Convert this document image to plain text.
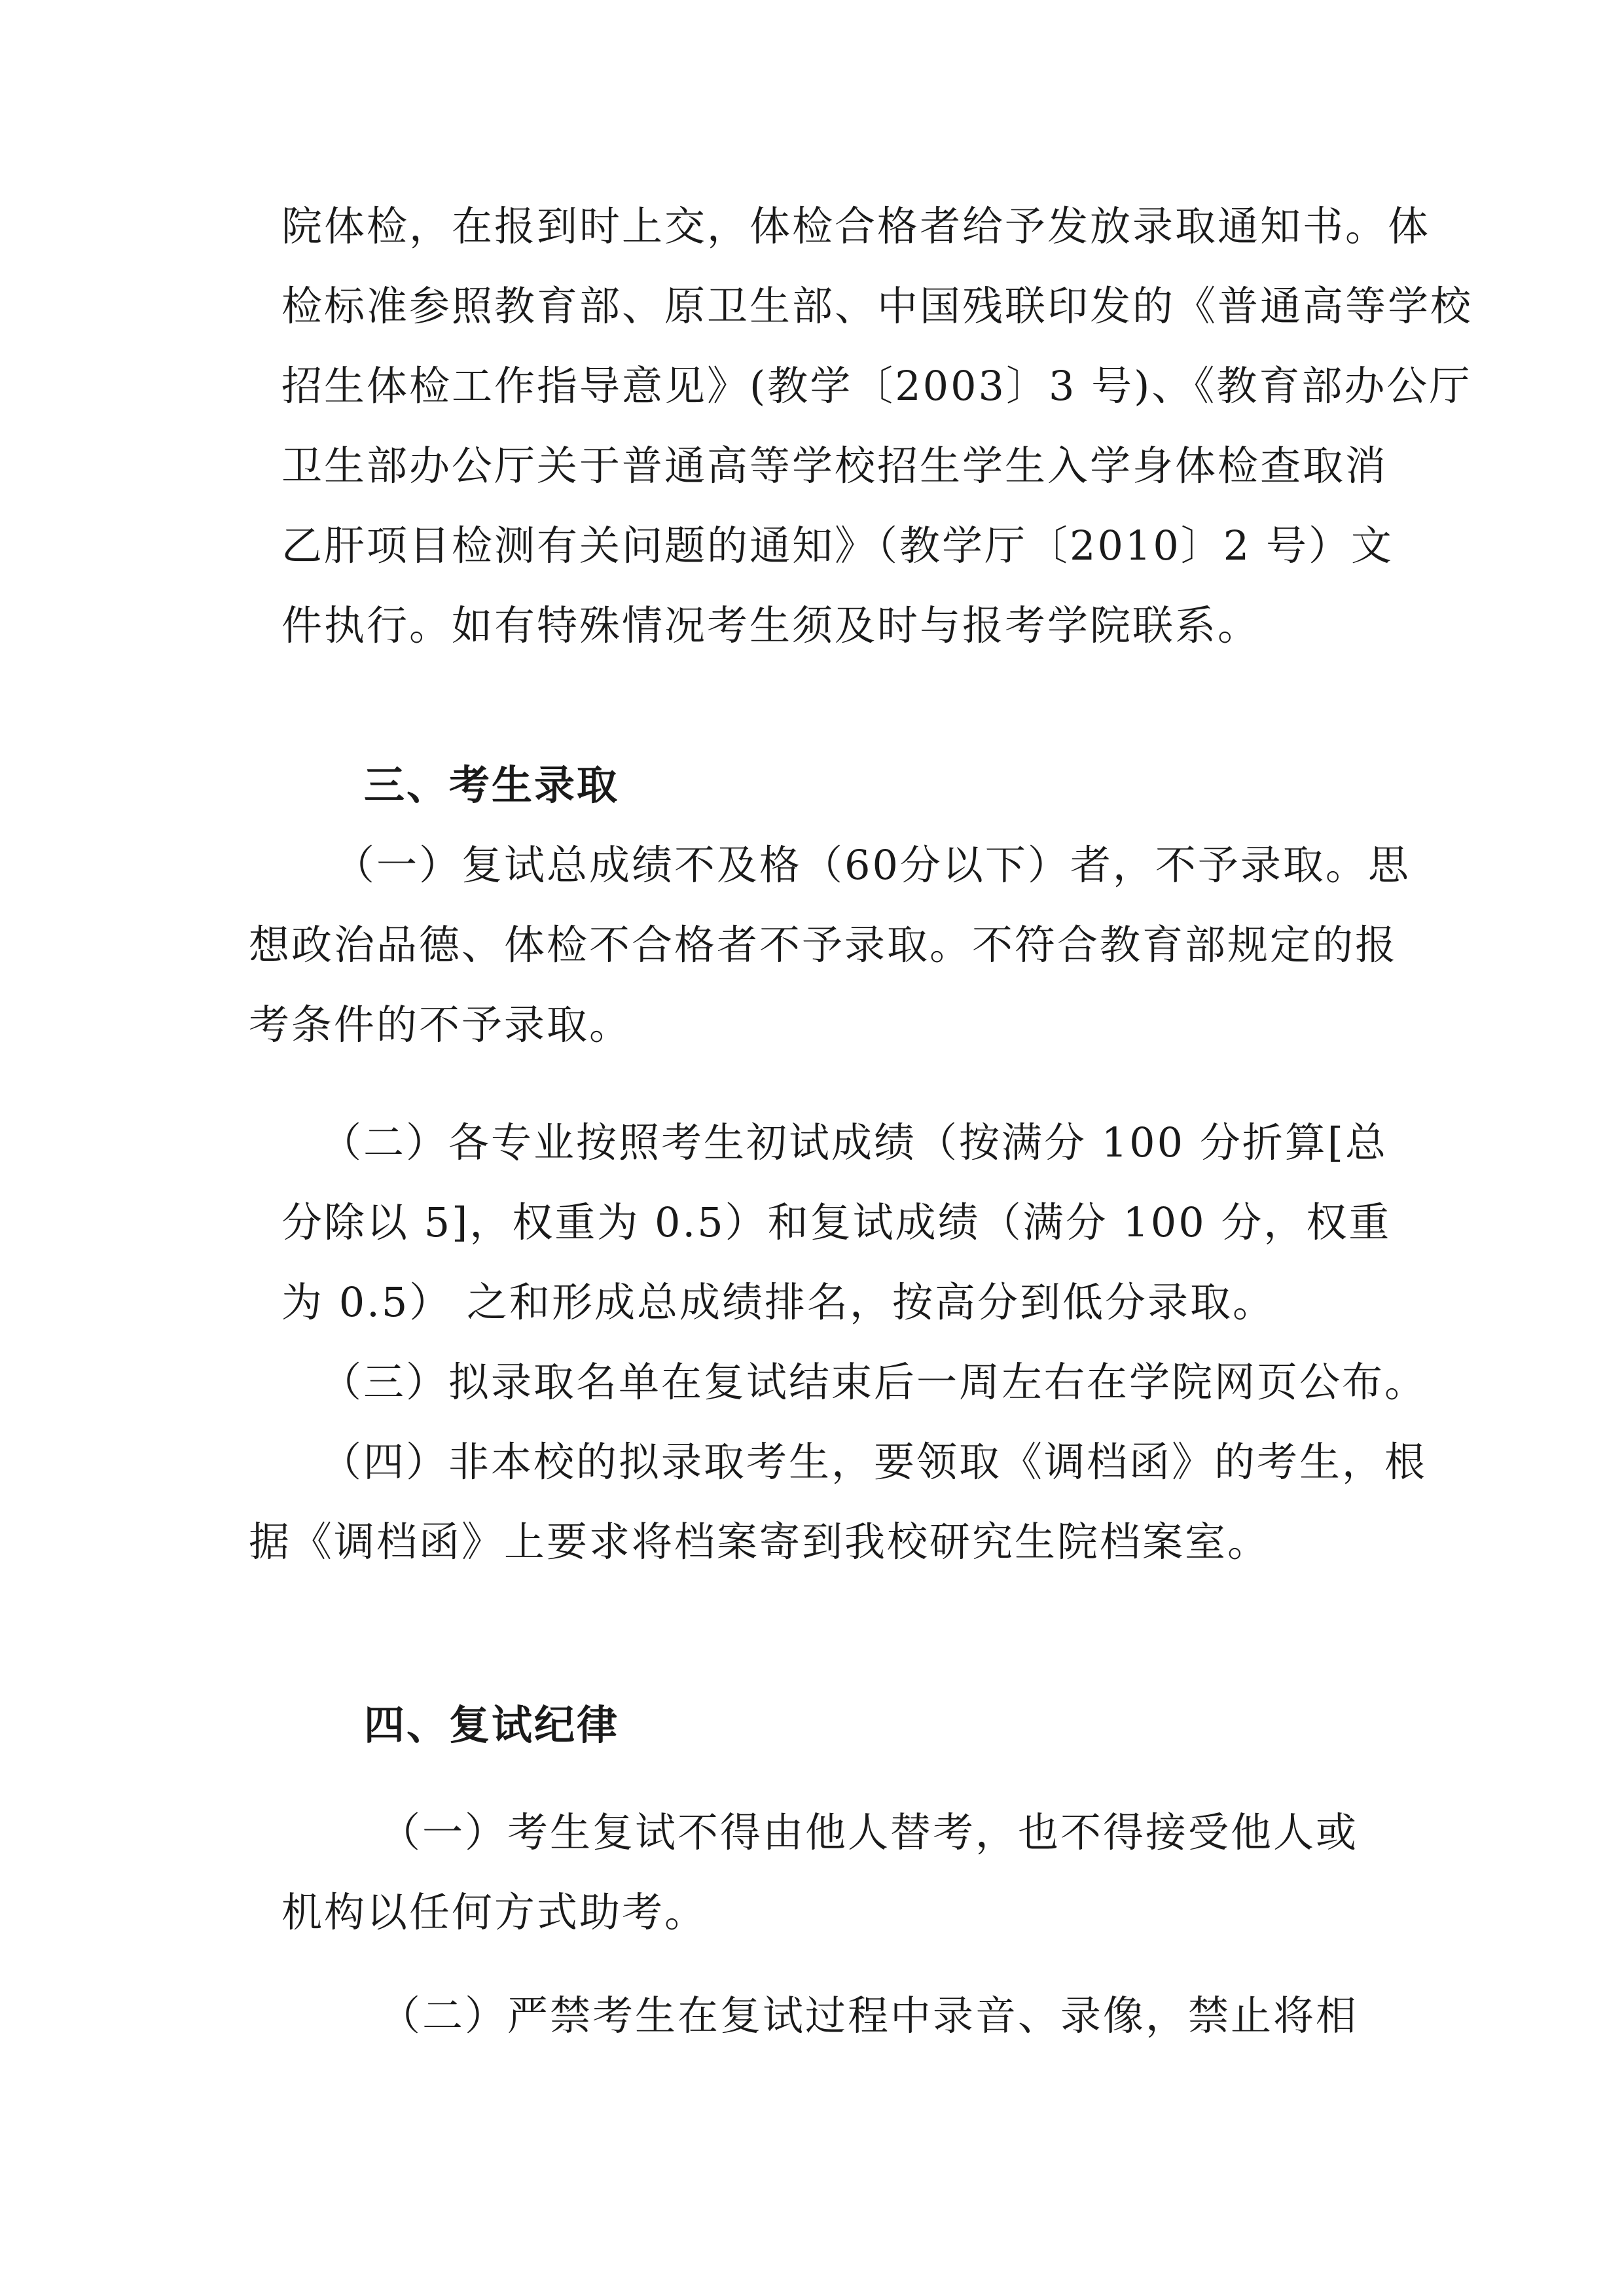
院体检，在报到时上交，体检合格者给予发放录取通知书。体
检标准参照教育部、原卫生部、中国残联印发的《普通高等学校
招生体检工作指导意见》(教学〔2003〕3 号)、《教育部办公厅
卫生部办公厅关于普通高等学校招生学生入学身体检查取消
乙肝项目检测有关问题的通知》（教学厅〔2010〕2 号）文
件执行。如有特殊情况考生须及时与报考学院联系。
三、考生录取
（一）复试总成绩不及格（60分以下）者，不予录取。思
想政治品德、体检不合格者不予录取。不符合教育部规定的报
考条件的不予录取。
（二）各专业按照考生初试成绩（按满分 100 分折算[总
分除以 5]，权重为 0.5）和复试成绩（满分 100 分，权重
为 0.5） 之和形成总成绩排名，按高分到低分录取。
（三）拟录取名单在复试结束后一周左右在学院网页公布。
（四）非本校的拟录取考生，要领取《调档函》的考生，根
据《调档函》上要求将档案寄到我校研究生院档案室。
四、复试纪律
（一）考生复试不得由他人替考，也不得接受他人或
机构以任何方式助考。
（二）严禁考生在复试过程中录音、录像，禁止将相
